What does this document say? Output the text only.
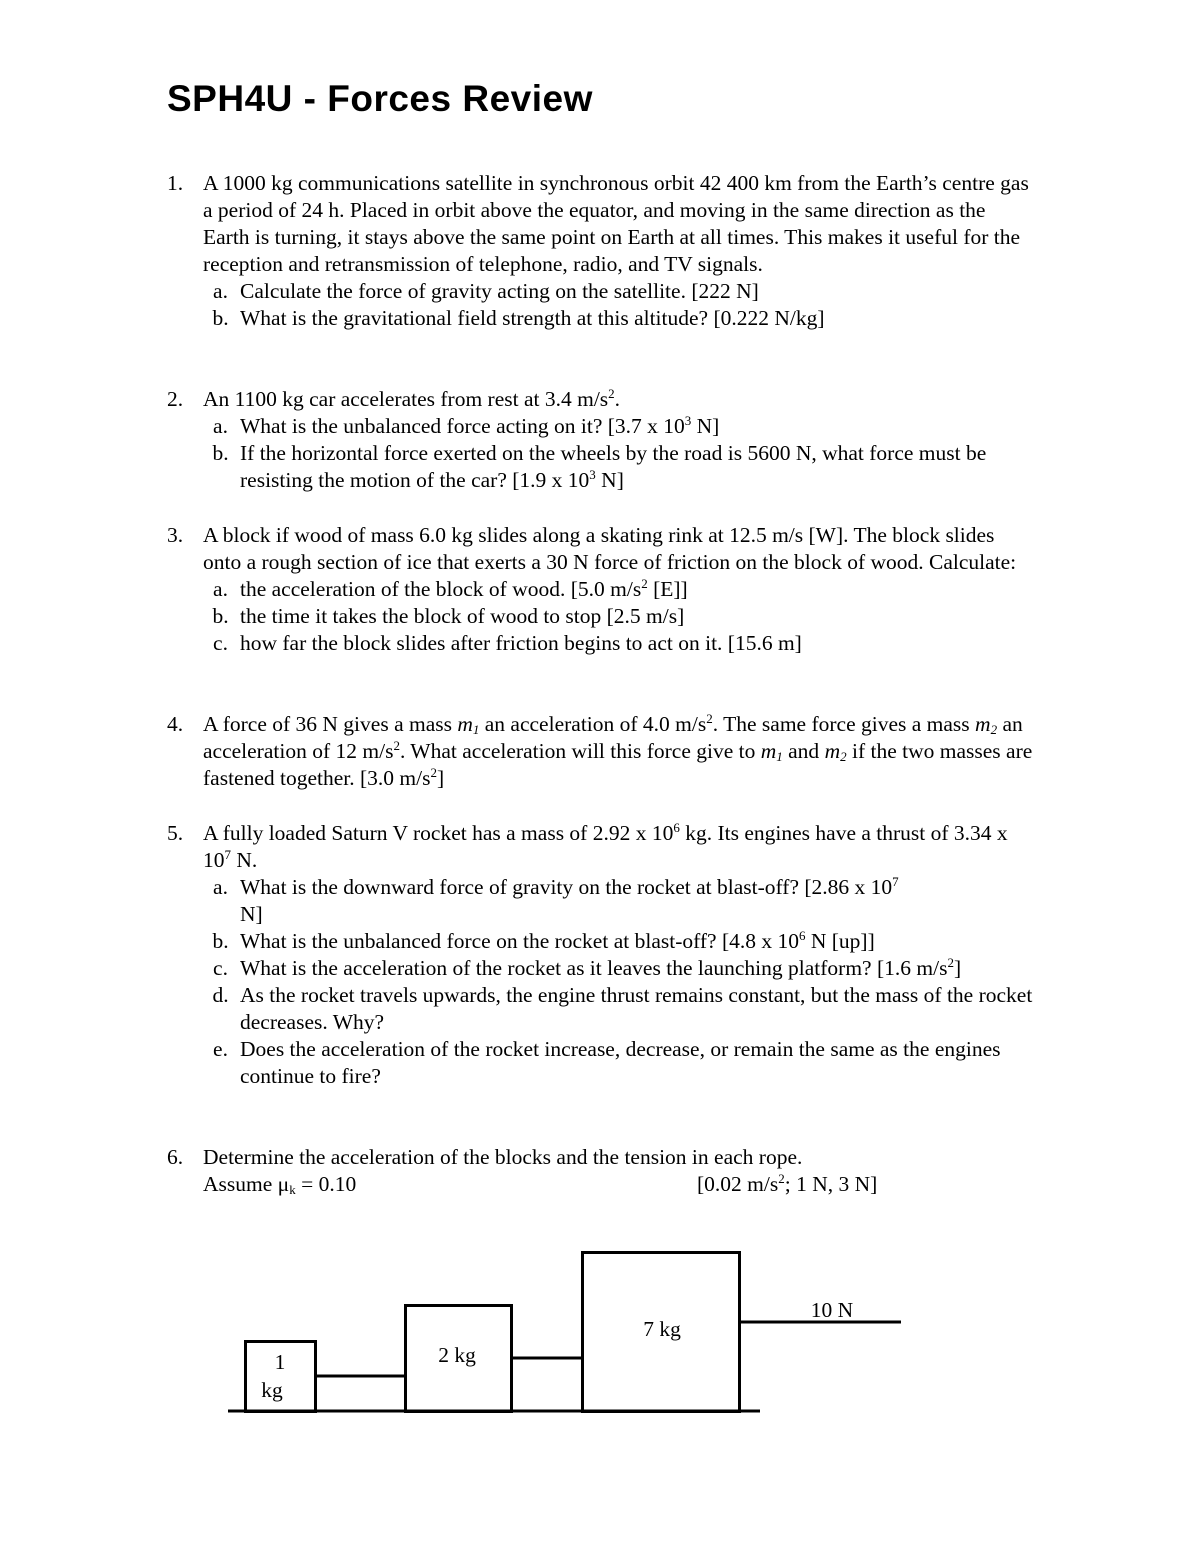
SPH4U - Forces Review
1. A 1000 kg communications satellite in synchronous orbit 42 400 km from the Earth’s centre gas a period of 24 h. Placed in orbit above the equator, and moving in the same direction as the Earth is turning, it stays above the same point on Earth at all times. This makes it useful for the reception and retransmission of telephone, radio, and TV signals.
a. Calculate the force of gravity acting on the satellite. [222 N]
b. What is the gravitational field strength at this altitude? [0.222 N/kg]
2. An 1100 kg car accelerates from rest at 3.4 $m/s^2$.
a. What is the unbalanced force acting on it? [3.7 x $10^3$ N]
b. If the horizontal force exerted on the wheels by the road is 5600 N, what force must be resisting the motion of the car? [1.9 x $10^3$ N]
3. A block if wood of mass 6.0 kg slides along a skating rink at 12.5 m/s [W]. The block slides onto a rough section of ice that exerts a 30 N force of friction on the block of wood. Calculate:
a. the acceleration of the block of wood. [5.0 $m/s^2$ [E]]
b. the time it takes the block of wood to stop [2.5 m/s]
c. how far the block slides after friction begins to act on it. [15.6 m]
4. A force of 36 N gives a mass $m_1$ an acceleration of 4.0 $m/s^2$. The same force gives a mass $m_2$ an acceleration of 12 $m/s^2$. What acceleration will this force give to $m_1$ and $m_2$ if the two masses are fastened together. [3.0 $m/s^2$]
5. A fully loaded Saturn V rocket has a mass of 2.92 x $10^6$ kg. Its engines have a thrust of 3.34 x $10^7$ N.
a. What is the downward force of gravity on the rocket at blast-off? [2.86 x $10^7$ N]
b. What is the unbalanced force on the rocket at blast-off? [4.8 x $10^6$ N [up]]
c. What is the acceleration of the rocket as it leaves the launching platform? [1.6 $m/s^2$]
d. As the rocket travels upwards, the engine thrust remains constant, but the mass of the rocket decreases. Why?
e. Does the acceleration of the rocket increase, decrease, or remain the same as the engines continue to fire?
6. Determine the acceleration of the blocks and the tension in each rope.
Assume $\mu_k = 0.10$	[0.02 $m/s^2$; 1 N, 3 N]
1
kg
2 kg
7 kg
10 N
